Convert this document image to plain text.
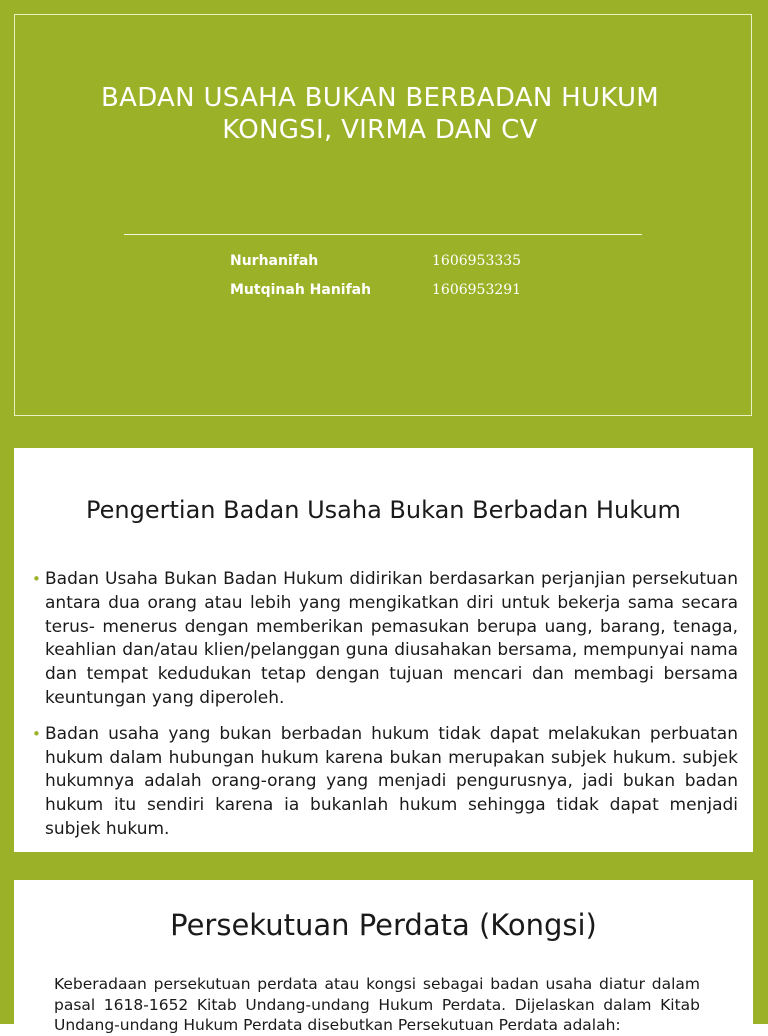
BADAN USAHA BUKAN BERBADAN HUKUM
KONGSI, VIRMA DAN CV
Nurhanifah	1606953335
Mutqinah Hanifah	1606953291
Pengertian Badan Usaha Bukan Berbadan Hukum
• Badan Usaha Bukan Badan Hukum didirikan berdasarkan perjanjian persekutuan antara dua orang atau lebih yang mengikatkan diri untuk bekerja sama secara terus- menerus dengan memberikan pemasukan berupa uang, barang, tenaga, keahlian dan/atau klien/pelanggan guna diusahakan bersama, mempunyai nama dan tempat kedudukan tetap dengan tujuan mencari dan membagi bersama keuntungan yang diperoleh.
• Badan usaha yang bukan berbadan hukum tidak dapat melakukan perbuatan hukum dalam hubungan hukum karena bukan merupakan subjek hukum. subjek hukumnya adalah orang-orang yang menjadi pengurusnya, jadi bukan badan hukum itu sendiri karena ia bukanlah hukum sehingga tidak dapat menjadi subjek hukum.
Persekutuan Perdata (Kongsi)
Keberadaan persekutuan perdata atau kongsi sebagai badan usaha diatur dalam pasal 1618-1652 Kitab Undang-undang Hukum Perdata. Dijelaskan dalam Kitab Undang-undang Hukum Perdata disebutkan Persekutuan Perdata adalah:
